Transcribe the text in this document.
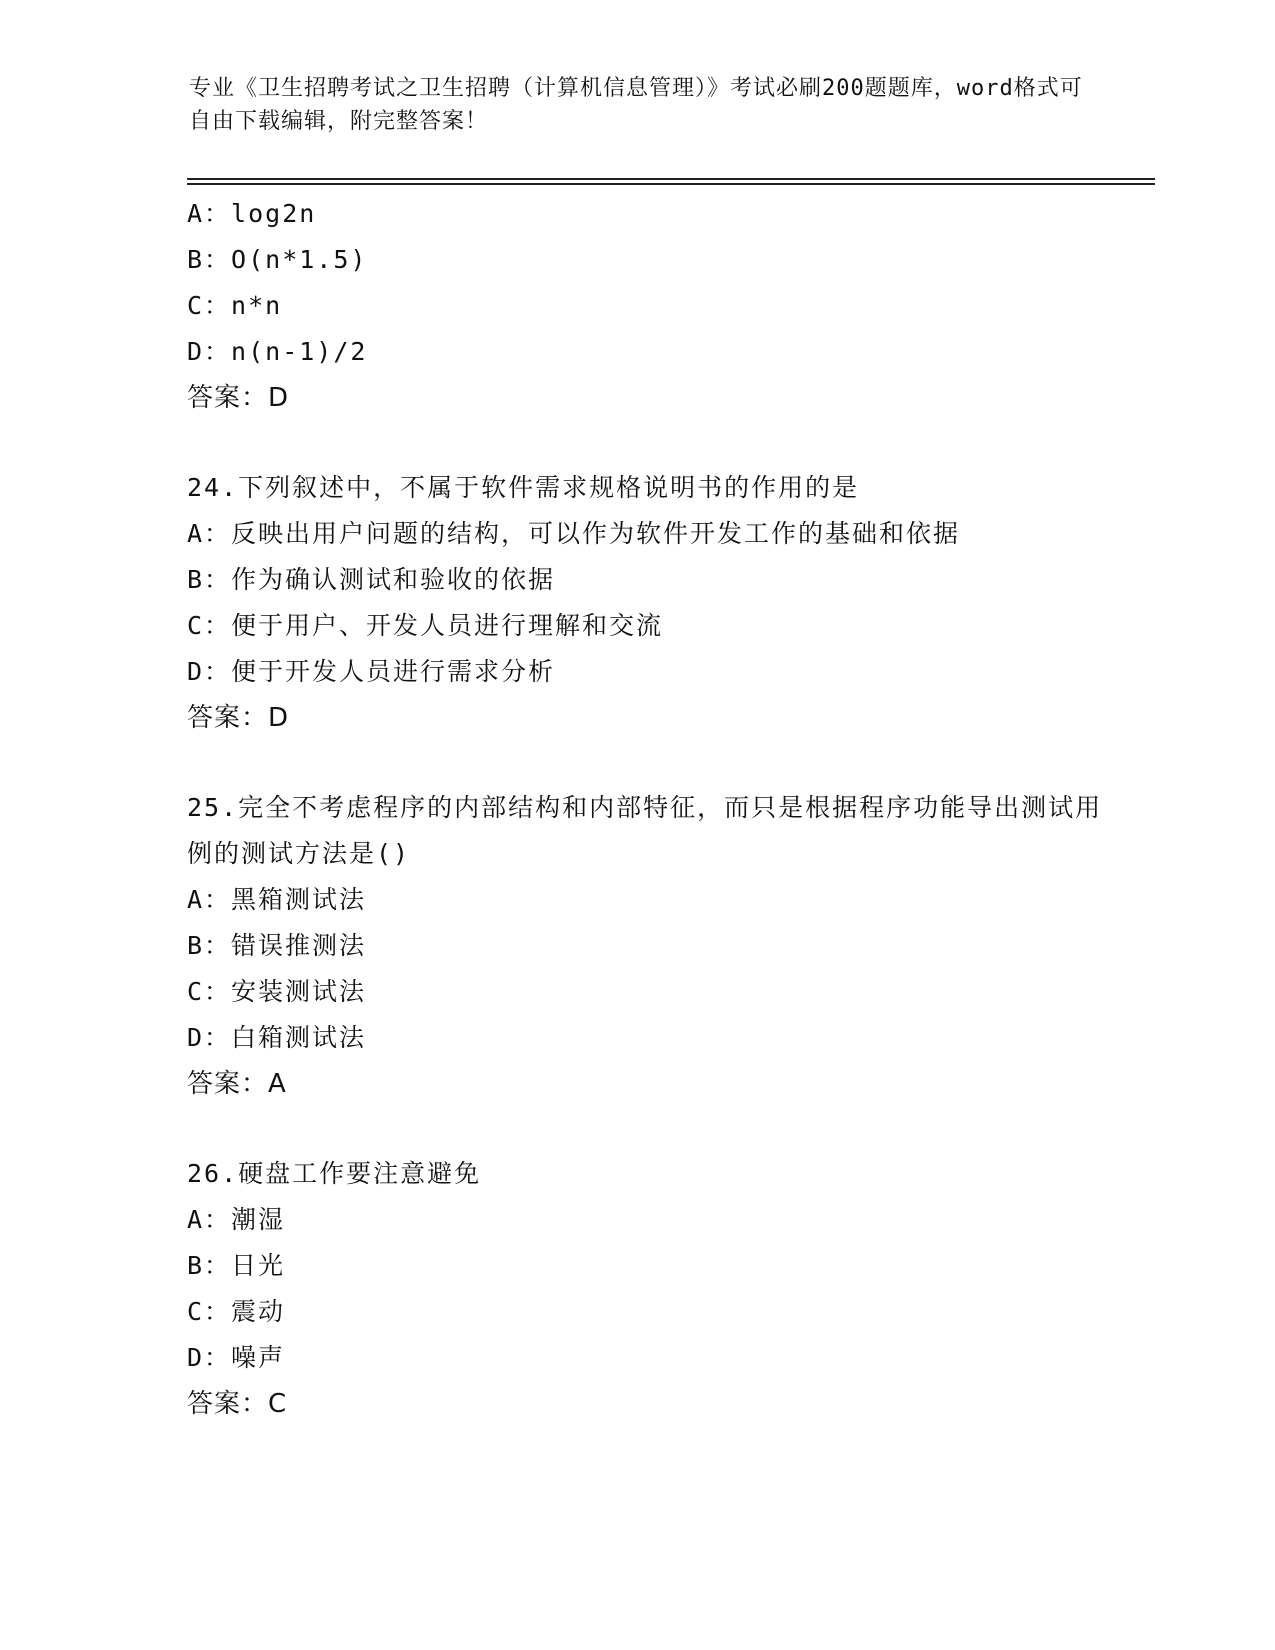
专业《卫生招聘考试之卫生招聘（计算机信息管理）》考试必刷200题题库，word格式可自由下载编辑，附完整答案！
A：log2n
B：O(n*1.5)
C：n*n
D：n(n-1)/2
答案：D
24.下列叙述中，不属于软件需求规格说明书的作用的是
A：反映出用户问题的结构，可以作为软件开发工作的基础和依据
B：作为确认测试和验收的依据
C：便于用户、开发人员进行理解和交流
D：便于开发人员进行需求分析
答案：D
25.完全不考虑程序的内部结构和内部特征，而只是根据程序功能导出测试用例的测试方法是()
A：黑箱测试法
B：错误推测法
C：安装测试法
D：白箱测试法
答案：A
26.硬盘工作要注意避免
A：潮湿
B：日光
C：震动
D：噪声
答案：C
